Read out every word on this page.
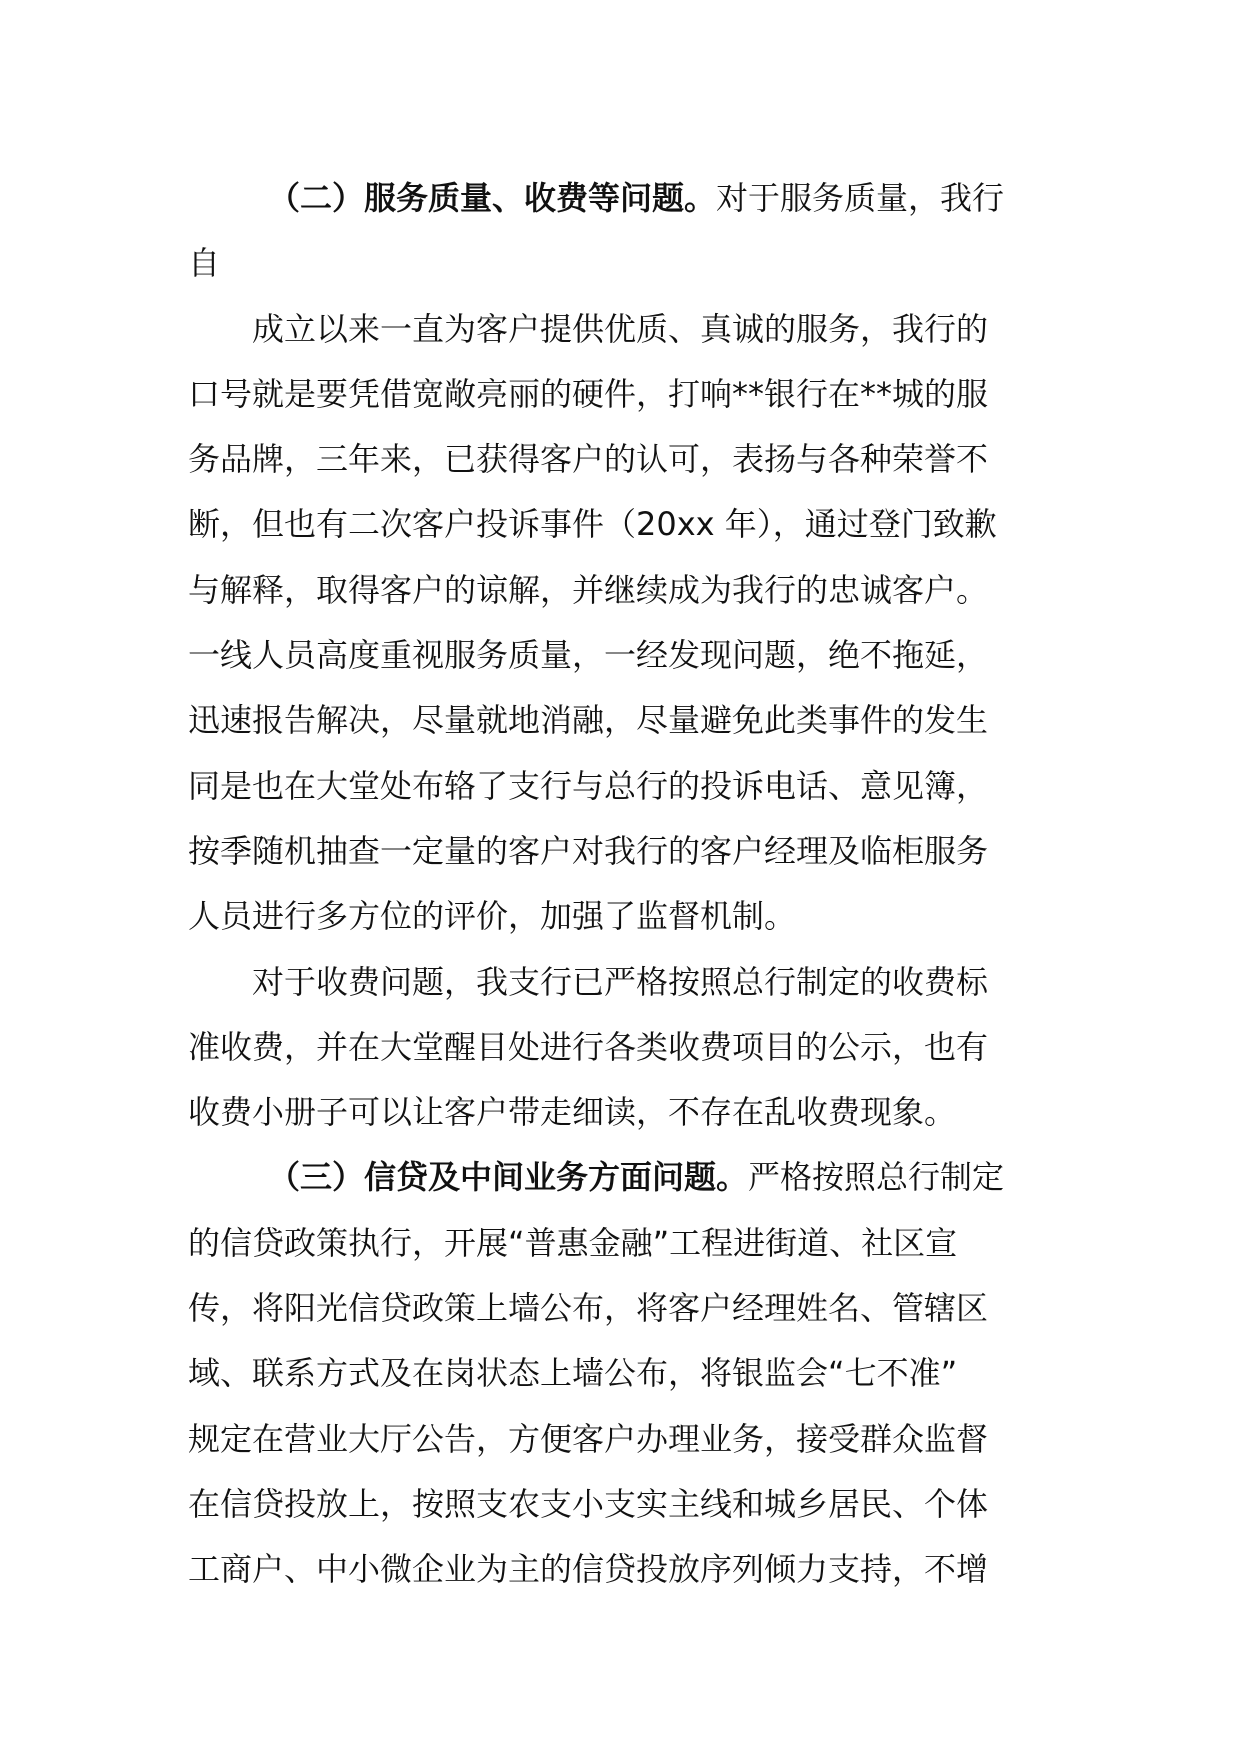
（二）服务质量、收费等问题。对于服务质量，我行
自
成立以来一直为客户提供优质、真诚的服务，我行的
口号就是要凭借宽敞亮丽的硬件，打响**银行在**城的服
务品牌，三年来，已获得客户的认可，表扬与各种荣誉不
断，但也有二次客户投诉事件（20xx 年），通过登门致歉
与解释，取得客户的谅解，并继续成为我行的忠诚客户。
一线人员高度重视服务质量，一经发现问题，绝不拖延，
迅速报告解决，尽量就地消融，尽量避免此类事件的发生
同是也在大堂处布辂了支行与总行的投诉电话、意见簿，
按季随机抽查一定量的客户对我行的客户经理及临柜服务
人员进行多方位的评价，加强了监督机制。
对于收费问题，我支行已严格按照总行制定的收费标
准收费，并在大堂醒目处进行各类收费项目的公示，也有
收费小册子可以让客户带走细读，不存在乱收费现象。
（三）信贷及中间业务方面问题。严格按照总行制定
的信贷政策执行，开展“普惠金融”工程进街道、社区宣
传，将阳光信贷政策上墙公布，将客户经理姓名、管辖区
域、联系方式及在岗状态上墙公布，将银监会“七不准”
规定在营业大厅公告，方便客户办理业务，接受群众监督
在信贷投放上，按照支农支小支实主线和城乡居民、个体
工商户、中小微企业为主的信贷投放序列倾力支持，不增
